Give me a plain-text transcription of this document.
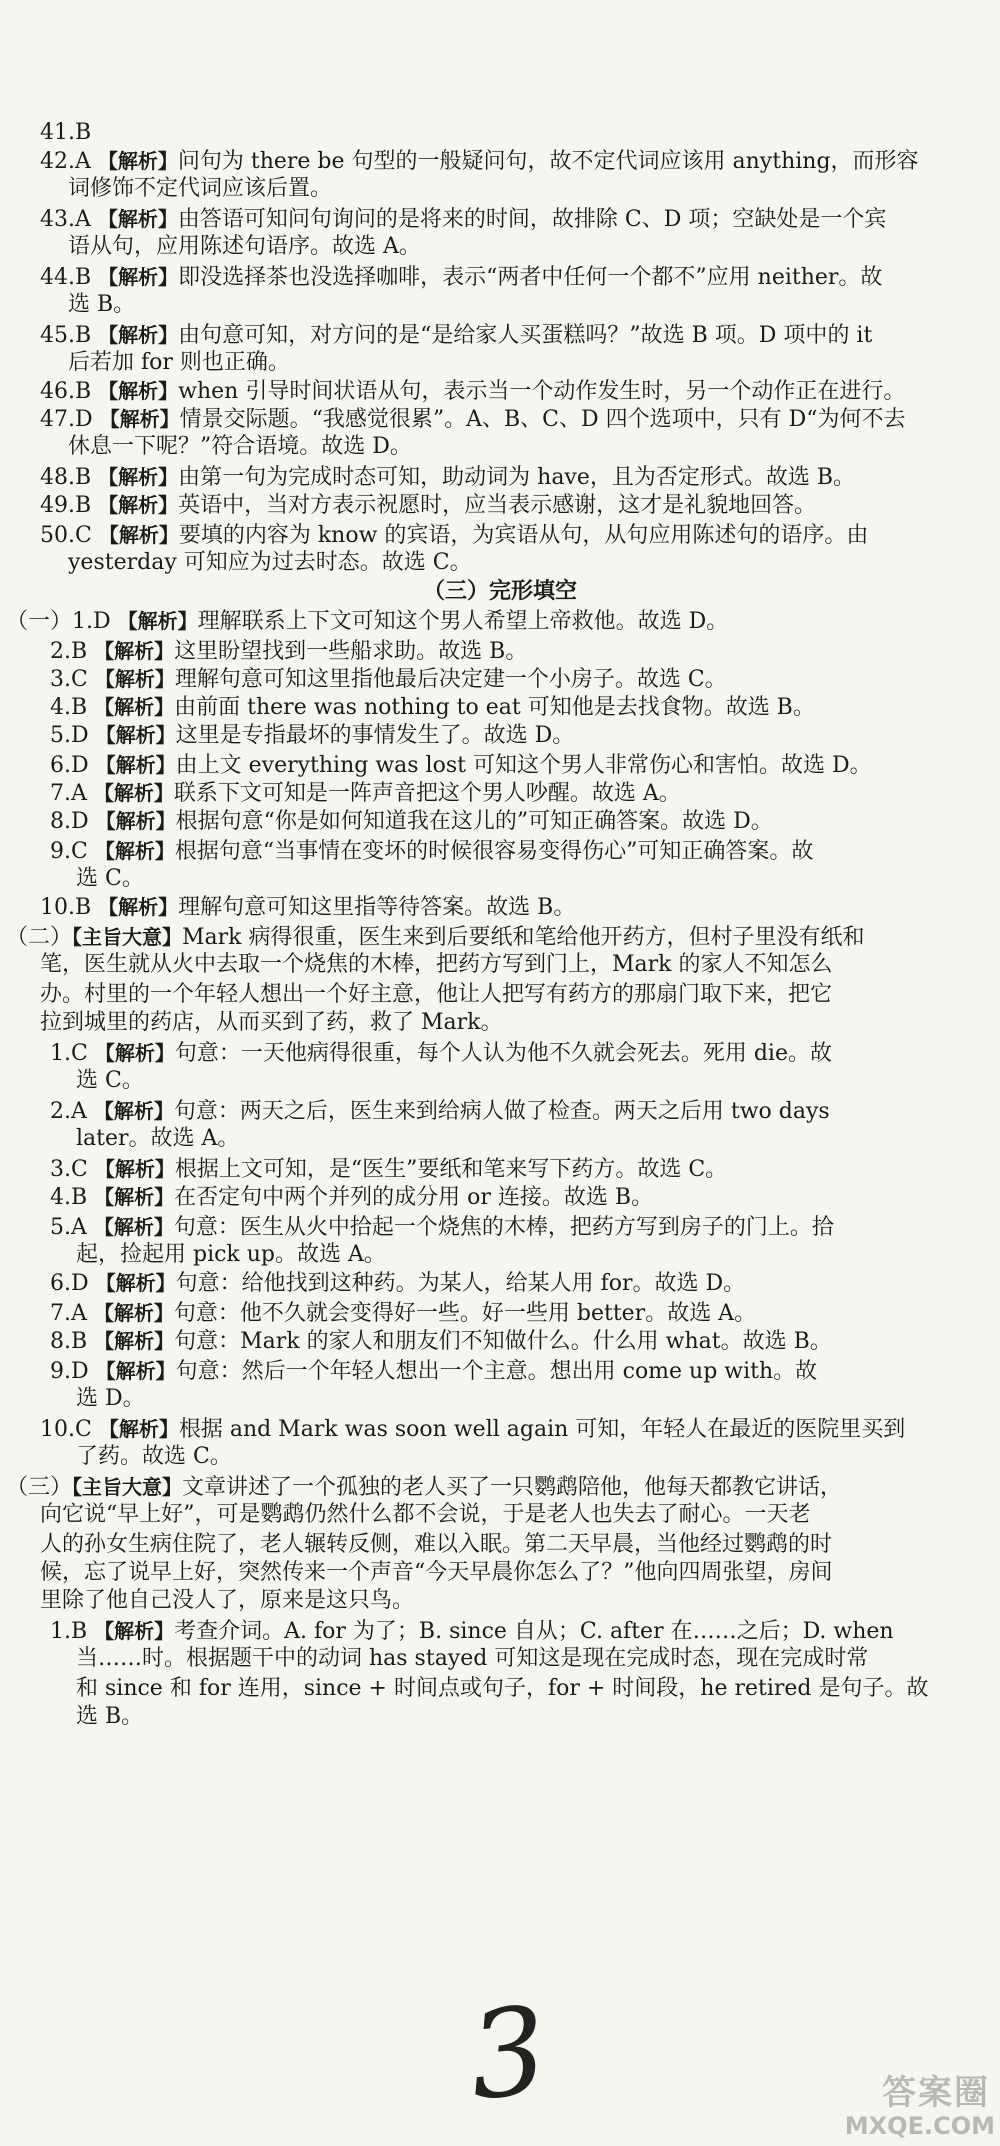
41.B
42.A 【解析】问句为 there be 句型的一般疑问句，故不定代词应该用 anything，而形容
词修饰不定代词应该后置。
43.A 【解析】由答语可知问句询问的是将来的时间，故排除 C、D 项；空缺处是一个宾
语从句，应用陈述句语序。故选 A。
44.B 【解析】即没选择茶也没选择咖啡，表示“两者中任何一个都不”应用 neither。故
选 B。
45.B 【解析】由句意可知，对方问的是“是给家人买蛋糕吗？”故选 B 项。D 项中的 it
后若加 for 则也正确。
46.B 【解析】when 引导时间状语从句，表示当一个动作发生时，另一个动作正在进行。
47.D 【解析】情景交际题。“我感觉很累”。A、B、C、D 四个选项中，只有 D“为何不去
休息一下呢？”符合语境。故选 D。
48.B 【解析】由第一句为完成时态可知，助动词为 have，且为否定形式。故选 B。
49.B 【解析】英语中，当对方表示祝愿时，应当表示感谢，这才是礼貌地回答。
50.C 【解析】要填的内容为 know 的宾语，为宾语从句，从句应用陈述句的语序。由
yesterday 可知应为过去时态。故选 C。
（三）完形填空
（一）1.D 【解析】理解联系上下文可知这个男人希望上帝救他。故选 D。
2.B 【解析】这里盼望找到一些船求助。故选 B。
3.C 【解析】理解句意可知这里指他最后决定建一个小房子。故选 C。
4.B 【解析】由前面 there was nothing to eat 可知他是去找食物。故选 B。
5.D 【解析】这里是专指最坏的事情发生了。故选 D。
6.D 【解析】由上文 everything was lost 可知这个男人非常伤心和害怕。故选 D。
7.A 【解析】联系下文可知是一阵声音把这个男人吵醒。故选 A。
8.D 【解析】根据句意“你是如何知道我在这儿的”可知正确答案。故选 D。
9.C 【解析】根据句意“当事情在变坏的时候很容易变得伤心”可知正确答案。故
选 C。
10.B 【解析】理解句意可知这里指等待答案。故选 B。
（二）【主旨大意】Mark 病得很重，医生来到后要纸和笔给他开药方，但村子里没有纸和
笔，医生就从火中去取一个烧焦的木棒，把药方写到门上，Mark 的家人不知怎么
办。村里的一个年轻人想出一个好主意，他让人把写有药方的那扇门取下来，把它
拉到城里的药店，从而买到了药，救了 Mark。
1.C 【解析】句意：一天他病得很重，每个人认为他不久就会死去。死用 die。故
选 C。
2.A 【解析】句意：两天之后，医生来到给病人做了检查。两天之后用 two days
later。故选 A。
3.C 【解析】根据上文可知，是“医生”要纸和笔来写下药方。故选 C。
4.B 【解析】在否定句中两个并列的成分用 or 连接。故选 B。
5.A 【解析】句意：医生从火中拾起一个烧焦的木棒，把药方写到房子的门上。拾
起，捡起用 pick up。故选 A。
6.D 【解析】句意：给他找到这种药。为某人，给某人用 for。故选 D。
7.A 【解析】句意：他不久就会变得好一些。好一些用 better。故选 A。
8.B 【解析】句意：Mark 的家人和朋友们不知做什么。什么用 what。故选 B。
9.D 【解析】句意：然后一个年轻人想出一个主意。想出用 come up with。故
选 D。
10.C 【解析】根据 and Mark was soon well again 可知，年轻人在最近的医院里买到
了药。故选 C。
（三）【主旨大意】文章讲述了一个孤独的老人买了一只鹦鹉陪他，他每天都教它讲话，
向它说“早上好”，可是鹦鹉仍然什么都不会说，于是老人也失去了耐心。一天老
人的孙女生病住院了，老人辗转反侧，难以入眠。第二天早晨，当他经过鹦鹉的时
候，忘了说早上好，突然传来一个声音“今天早晨你怎么了？”他向四周张望，房间
里除了他自己没人了，原来是这只鸟。
1.B 【解析】考查介词。A. for 为了；B. since 自从；C. after 在……之后；D. when
当……时。根据题干中的动词 has stayed 可知这是现在完成时态，现在完成时常
和 since 和 for 连用，since + 时间点或句子，for + 时间段，he retired 是句子。故
选 B。
3	答案圈
MXQE.COM
